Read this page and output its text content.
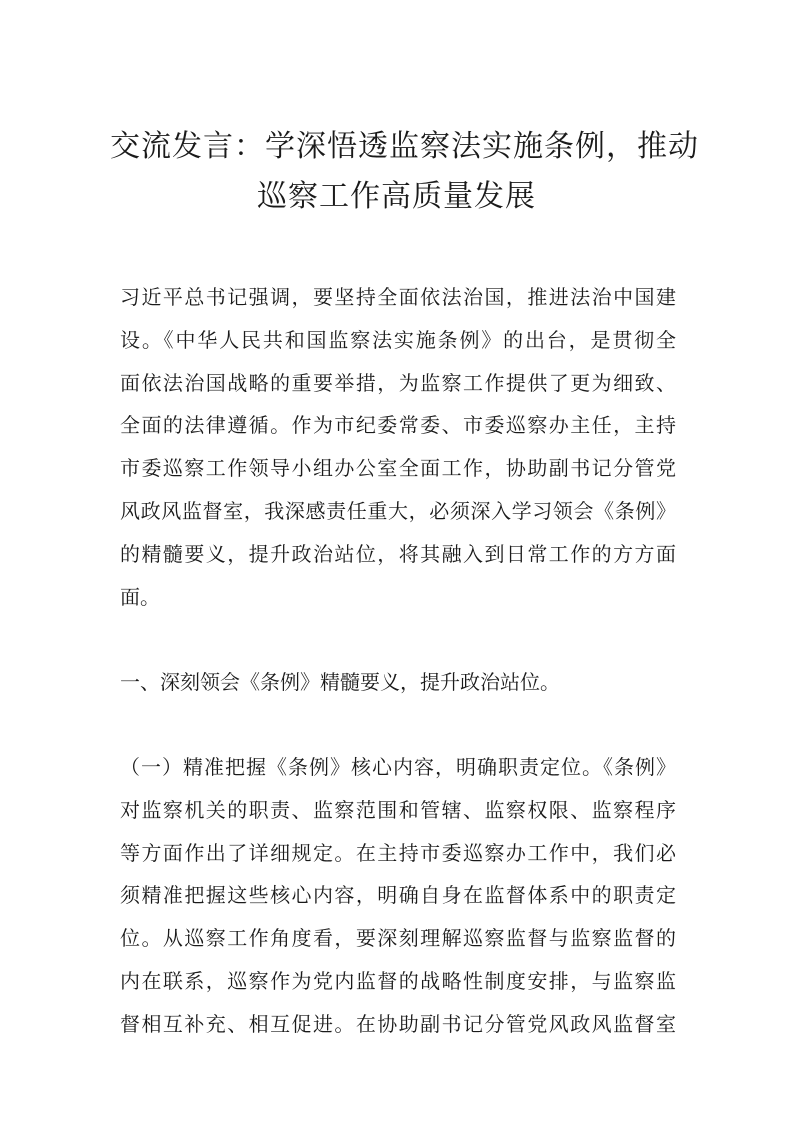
交流发言：学深悟透监察法实施条例，推动
巡察工作高质量发展

习近平总书记强调，要坚持全面依法治国，推进法治中国建
设。《中华人民共和国监察法实施条例》的出台，是贯彻全
面依法治国战略的重要举措，为监察工作提供了更为细致、
全面的法律遵循。作为市纪委常委、市委巡察办主任，主持
市委巡察工作领导小组办公室全面工作，协助副书记分管党
风政风监督室，我深感责任重大，必须深入学习领会《条例》
的精髓要义，提升政治站位，将其融入到日常工作的方方面
面。

一、深刻领会《条例》精髓要义，提升政治站位。

（一）精准把握《条例》核心内容，明确职责定位。《条例》
对监察机关的职责、监察范围和管辖、监察权限、监察程序
等方面作出了详细规定。在主持市委巡察办工作中，我们必
须精准把握这些核心内容，明确自身在监督体系中的职责定
位。从巡察工作角度看，要深刻理解巡察监督与监察监督的
内在联系，巡察作为党内监督的战略性制度安排，与监察监
督相互补充、相互促进。在协助副书记分管党风政风监督室
